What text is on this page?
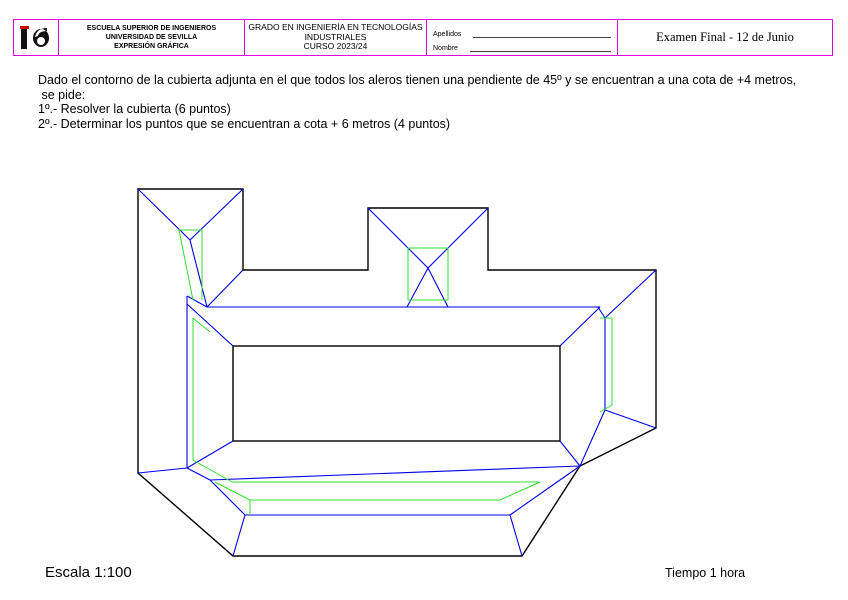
ESCUELA SUPERIOR DE INGENIEROS
UNIVERSIDAD DE SEVILLA
EXPRESIÓN GRÁFICA
GRADO EN INGENIERÍA EN TECNOLOGÍAS
INDUSTRIALES
CURSO 2023/24
Apellidos
Nombre
Examen Final - 12 de Junio
Dado el contorno de la cubierta adjunta en el que todos los aleros tienen una pendiente de 45º y se encuentran a una cota de +4 metros,
se pide:
1º.- Resolver la cubierta (6 puntos)
2º.- Determinar los puntos que se encuentran a cota + 6 metros (4 puntos)
Escala 1:100	Tiempo 1 hora
